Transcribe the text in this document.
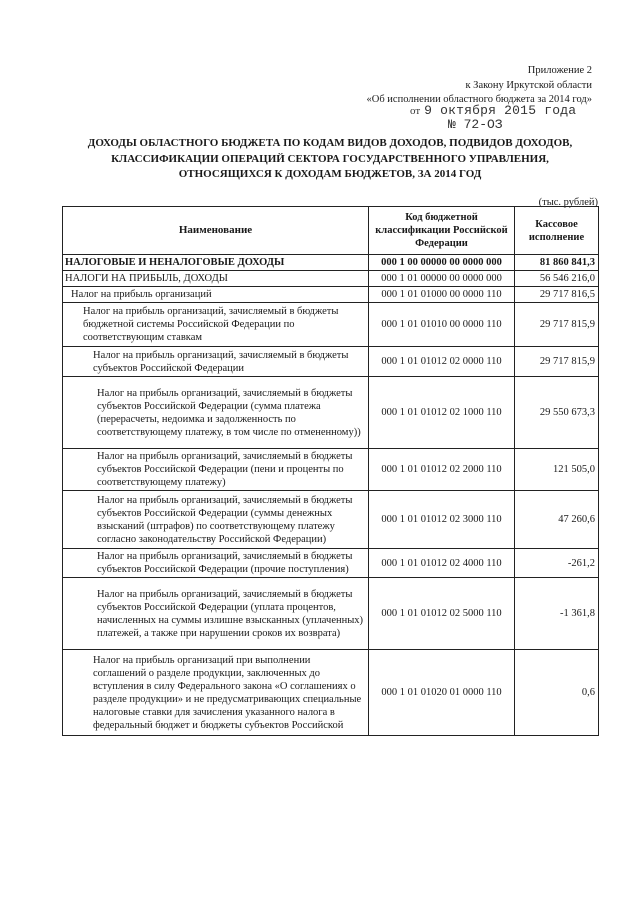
Приложение 2
к Закону Иркутской области
«Об исполнении областного бюджета за 2014 год»
от 9 октября 2015 года
№ 72-ОЗ
ДОХОДЫ ОБЛАСТНОГО БЮДЖЕТА ПО КОДАМ ВИДОВ ДОХОДОВ, ПОДВИДОВ ДОХОДОВ,
КЛАССИФИКАЦИИ ОПЕРАЦИЙ СЕКТОРА ГОСУДАРСТВЕННОГО УПРАВЛЕНИЯ,
ОТНОСЯЩИХСЯ К ДОХОДАМ БЮДЖЕТОВ, ЗА 2014 ГОД
(тыс. рублей)
Наименование	Код бюджетной классификации Российской Федерации	Кассовое исполнение
НАЛОГОВЫЕ И НЕНАЛОГОВЫЕ ДОХОДЫ	000 1 00 00000 00 0000 000	81 860 841,3
НАЛОГИ НА ПРИБЫЛЬ, ДОХОДЫ	000 1 01 00000 00 0000 000	56 546 216,0
Налог на прибыль организаций	000 1 01 01000 00 0000 110	29 717 816,5
Налог на прибыль организаций, зачисляемый в бюджеты бюджетной системы Российской Федерации по соответствующим ставкам	000 1 01 01010 00 0000 110	29 717 815,9
Налог на прибыль организаций, зачисляемый в бюджеты субъектов Российской Федерации	000 1 01 01012 02 0000 110	29 717 815,9
Налог на прибыль организаций, зачисляемый в бюджеты субъектов Российской Федерации (сумма платежа (перерасчеты, недоимка и задолженность по соответствующему платежу, в том числе по отмененному))	000 1 01 01012 02 1000 110	29 550 673,3
Налог на прибыль организаций, зачисляемый в бюджеты субъектов Российской Федерации (пени и проценты по соответствующему платежу)	000 1 01 01012 02 2000 110	121 505,0
Налог на прибыль организаций, зачисляемый в бюджеты субъектов Российской Федерации (суммы денежных взысканий (штрафов) по соответствующему платежу согласно законодательству Российской Федерации)	000 1 01 01012 02 3000 110	47 260,6
Налог на прибыль организаций, зачисляемый в бюджеты субъектов Российской Федерации (прочие поступления)	000 1 01 01012 02 4000 110	-261,2
Налог на прибыль организаций, зачисляемый в бюджеты субъектов Российской Федерации (уплата процентов, начисленных на суммы излишне взысканных (уплаченных) платежей, а также при нарушении сроков их возврата)	000 1 01 01012 02 5000 110	-1 361,8
Налог на прибыль организаций при выполнении соглашений о разделе продукции, заключенных до вступления в силу Федерального закона «О соглашениях о разделе продукции» и не предусматривающих специальные налоговые ставки для зачисления указанного налога в федеральный бюджет и бюджеты субъектов Российской	000 1 01 01020 01 0000 110	0,6
